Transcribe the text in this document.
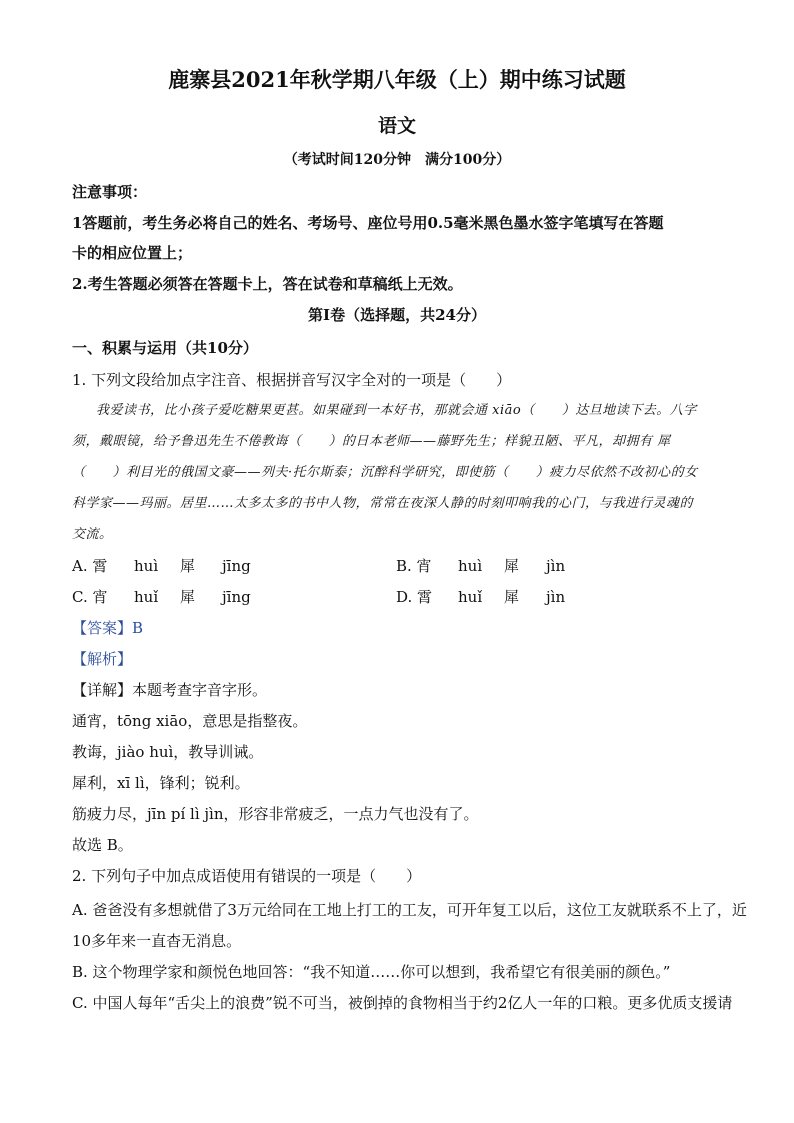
鹿寨县2021年秋学期八年级（上）期中练习试题
语文
（考试时间120分钟　满分100分）
注意事项：
1答题前，考生务必将自己的姓名、考场号、座位号用0.5毫米黑色墨水签字笔填写在答题
卡的相应位置上；
2.考生答题必须答在答题卡上，答在试卷和草稿纸上无效。
第Ⅰ卷（选择题，共24分）
一、积累与运用（共10分）
1. 下列文段给加点字注音、根据拼音写汉字全对的一项是（　　）
我爱读书，比小孩子爱吃糖果更甚。如果碰到一本好书，那就会通 xiāo（　　）达旦地读下去。八字
须，戴眼镜，给予鲁迅先生不倦教诲（　　）的日本老师——藤野先生；样貌丑陋、平凡，却拥有 犀
（　　）利目光的俄国文豪——列夫·托尔斯泰；沉醉科学研究，即使筋（　　）疲力尽依然不改初心的女
科学家——玛丽。居里……太多太多的书中人物，常常在夜深人静的时刻叩响我的心门，与我进行灵魂的
交流。
A. 霄 huì 犀 jīng	B. 宵 huì 犀 jìn
C. 宵 huǐ 犀 jīng	D. 霄 huǐ 犀 jìn
【答案】B
【解析】
【详解】本题考查字音字形。
通宵，tōng xiāo，意思是指整夜。
教诲，jiào huì，教导训诫。
犀利，xī lì，锋利；锐利。
筋疲力尽，jīn pí lì jìn，形容非常疲乏，一点力气也没有了。
故选 B。
2. 下列句子中加点成语使用有错误的一项是（　　）
A. 爸爸没有多想就借了3万元给同在工地上打工的工友，可开年复工以后，这位工友就联系不上了，近
10多年来一直杳无消息。
B. 这个物理学家和颜悦色地回答：“我不知道……你可以想到，我希望它有很美丽的颜色。”
C. 中国人每年“舌尖上的浪费”锐不可当，被倒掉的食物相当于约2亿人一年的口粮。更多优质支援请
